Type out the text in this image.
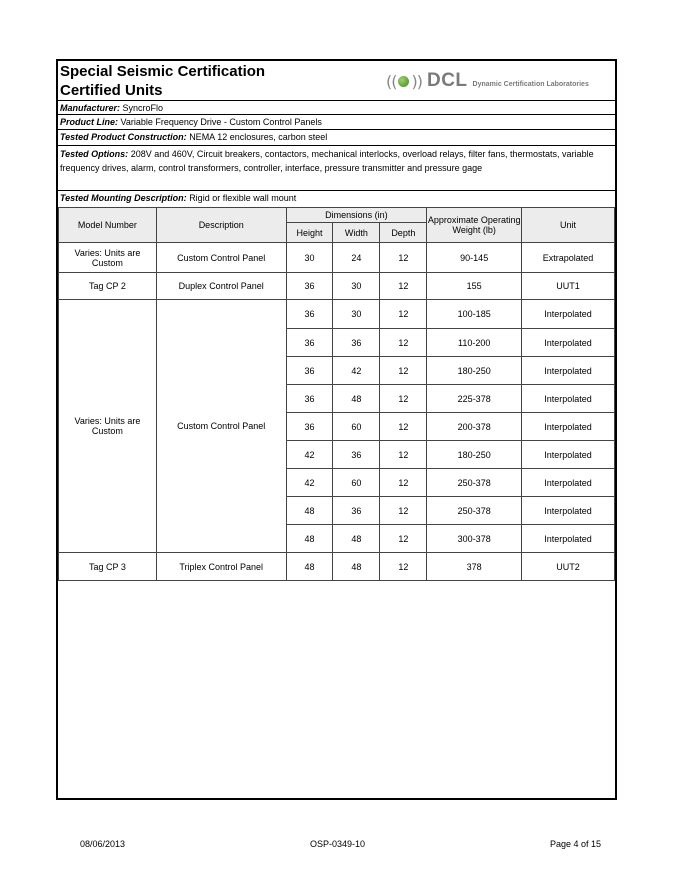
Special Seismic Certification
Certified Units	(( )) DCL Dynamic Certification Laboratories
Manufacturer: SyncroFlo
Product Line: Variable Frequency Drive - Custom Control Panels
Tested Product Construction: NEMA 12 enclosures, carbon steel
Tested Options: 208V and 460V, Circuit breakers, contactors, mechanical interlocks, overload relays, filter fans, thermostats, variable frequency drives, alarm, control transformers, controller, interface, pressure transmitter and pressure gage
Tested Mounting Description: Rigid or flexible wall mount
Model Number	Description	Dimensions (in)			Approximate Operating Weight (lb)	Unit
		Height	Width	Depth		
Varies: Units are Custom	Custom Control Panel	30	24	12	90-145	Extrapolated
Tag CP 2	Duplex Control Panel	36	30	12	155	UUT1
Varies: Units are Custom	Custom Control Panel	36	30	12	100-185	Interpolated
		36	36	12	110-200	Interpolated
		36	42	12	180-250	Interpolated
		36	48	12	225-378	Interpolated
		36	60	12	200-378	Interpolated
		42	36	12	180-250	Interpolated
		42	60	12	250-378	Interpolated
		48	36	12	250-378	Interpolated
		48	48	12	300-378	Interpolated
Tag CP 3	Triplex Control Panel	48	48	12	378	UUT2
08/06/2013	OSP-0349-10	Page 4 of 15
